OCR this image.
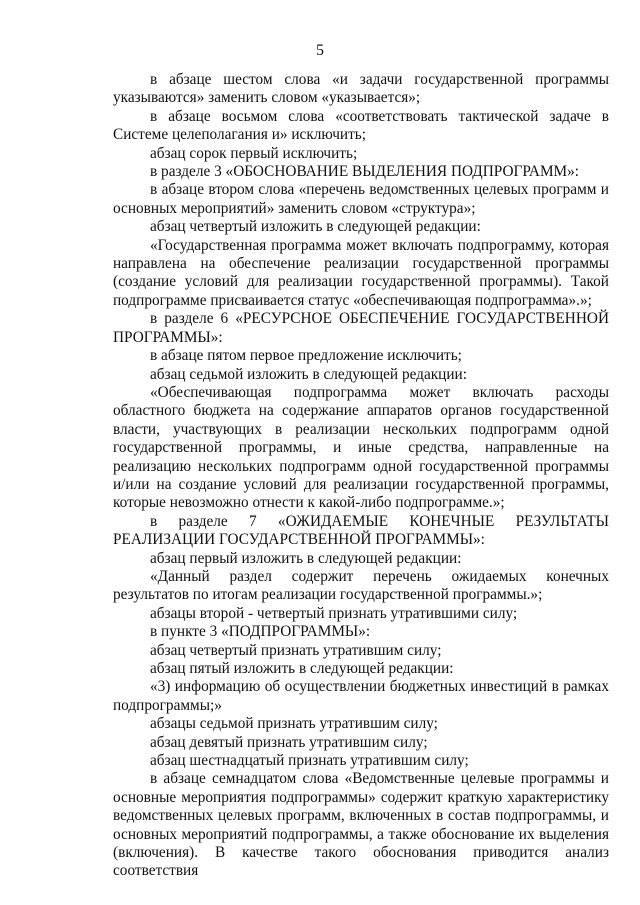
5

в абзаце шестом слова «и задачи государственной программы указываются» заменить словом «указывается»;

в абзаце восьмом слова «соответствовать тактической задаче в Системе целеполагания и» исключить;

абзац сорок первый исключить;

в разделе 3 «ОБОСНОВАНИЕ ВЫДЕЛЕНИЯ ПОДПРОГРАММ»:

в абзаце втором слова «перечень ведомственных целевых программ и основных мероприятий» заменить словом «структура»;

абзац четвертый изложить в следующей редакции:

«Государственная программа может включать подпрограмму, которая направлена на обеспечение реализации государственной программы (создание условий для реализации государственной программы). Такой подпрограмме присваивается статус «обеспечивающая подпрограмма».»;

в разделе 6 «РЕСУРСНОЕ ОБЕСПЕЧЕНИЕ ГОСУДАРСТВЕННОЙ ПРОГРАММЫ»:

в абзаце пятом первое предложение исключить;

абзац седьмой изложить в следующей редакции:

«Обеспечивающая подпрограмма может включать расходы областного бюджета на содержание аппаратов органов государственной власти, участвующих в реализации нескольких подпрограмм одной государственной программы, и иные средства, направленные на реализацию нескольких подпрограмм одной государственной программы и/или на создание условий для реализации государственной программы, которые невозможно отнести к какой-либо подпрограмме.»;

в разделе 7 «ОЖИДАЕМЫЕ КОНЕЧНЫЕ РЕЗУЛЬТАТЫ РЕАЛИЗАЦИИ ГОСУДАРСТВЕННОЙ ПРОГРАММЫ»:

абзац первый изложить в следующей редакции:

«Данный раздел содержит перечень ожидаемых конечных результатов по итогам реализации государственной программы.»;

абзацы второй - четвертый признать утратившими силу;

в пункте 3 «ПОДПРОГРАММЫ»:

абзац четвертый признать утратившим силу;

абзац пятый изложить в следующей редакции:

«3) информацию об осуществлении бюджетных инвестиций в рамках подпрограммы;»

абзацы седьмой признать утратившим силу;

абзац девятый признать утратившим силу;

абзац шестнадцатый признать утратившим силу;

в абзаце семнадцатом слова «Ведомственные целевые программы и основные мероприятия подпрограммы» содержит краткую характеристику ведомственных целевых программ, включенных в состав подпрограммы, и основных мероприятий подпрограммы, а также обоснование их выделения (включения). В качестве такого обоснования приводится анализ соответствия
